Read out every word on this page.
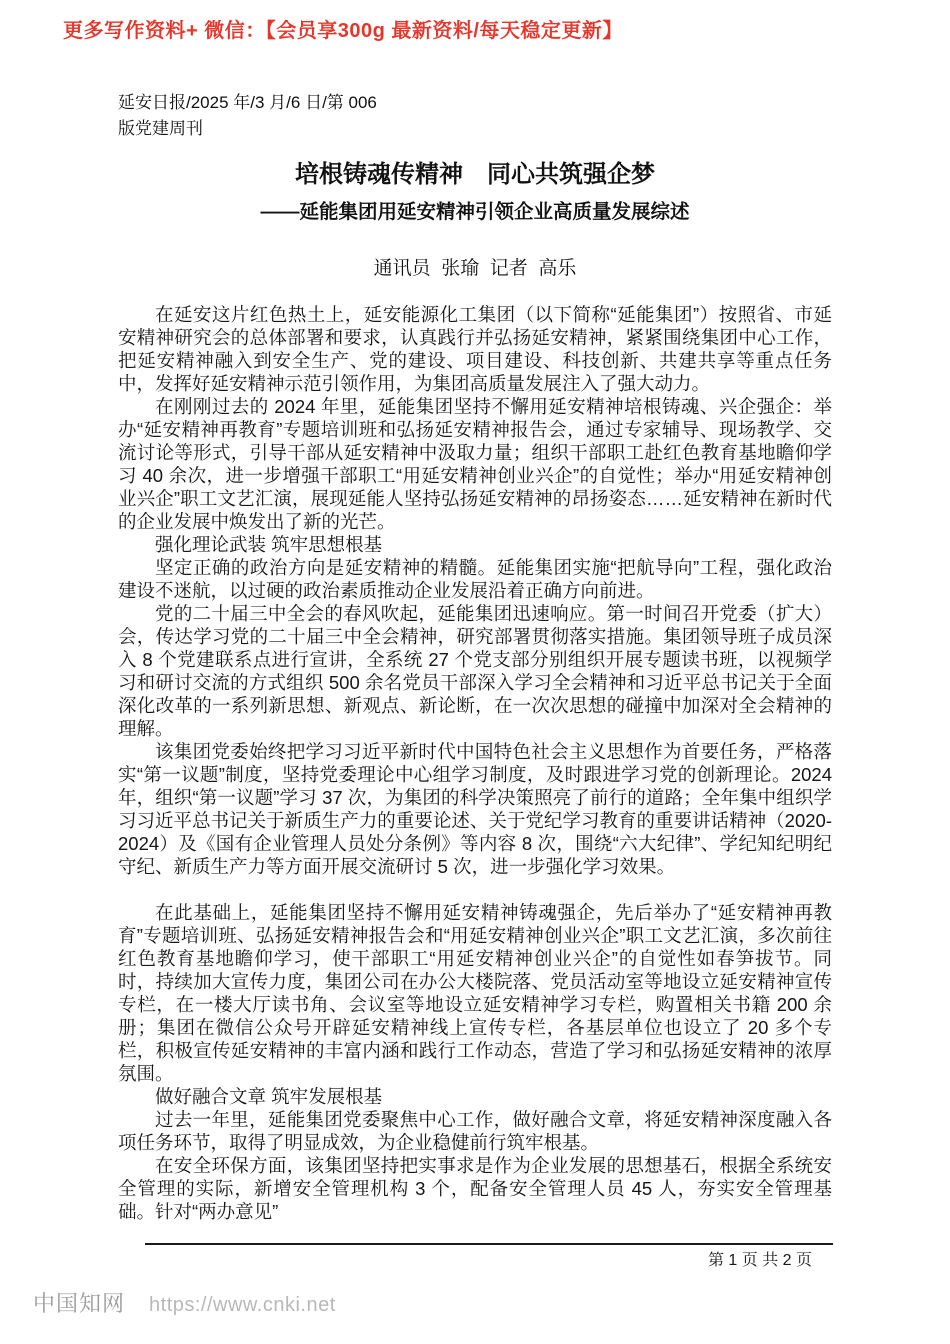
更多写作资料+ 微信：【会员享300g 最新资料/每天稳定更新】
延安日报/2025 年/3 月/6 日/第 006
版党建周刊
培根铸魂传精神　同心共筑强企梦
——延能集团用延安精神引领企业高质量发展综述
通讯员  张瑜  记者  高乐

在延安这片红色热土上，延安能源化工集团（以下简称“延能集团”）按照省、市延安精神研究会的总体部署和要求，认真践行并弘扬延安精神，紧紧围绕集团中心工作，把延安精神融入到安全生产、党的建设、项目建设、科技创新、共建共享等重点任务中，发挥好延安精神示范引领作用，为集团高质量发展注入了强大动力。

在刚刚过去的 2024 年里，延能集团坚持不懈用延安精神培根铸魂、兴企强企：举办“延安精神再教育”专题培训班和弘扬延安精神报告会，通过专家辅导、现场教学、交流讨论等形式，引导干部从延安精神中汲取力量；组织干部职工赴红色教育基地瞻仰学习 40 余次，进一步增强干部职工“用延安精神创业兴企”的自觉性；举办“用延安精神创业兴企”职工文艺汇演，展现延能人坚持弘扬延安精神的昂扬姿态……延安精神在新时代的企业发展中焕发出了新的光芒。

强化理论武装 筑牢思想根基

坚定正确的政治方向是延安精神的精髓。延能集团实施“把航导向”工程，强化政治建设不迷航，以过硬的政治素质推动企业发展沿着正确方向前进。

党的二十届三中全会的春风吹起，延能集团迅速响应。第一时间召开党委（扩大）会，传达学习党的二十届三中全会精神，研究部署贯彻落实措施。集团领导班子成员深入 8 个党建联系点进行宣讲，全系统 27 个党支部分别组织开展专题读书班，以视频学习和研讨交流的方式组织 500 余名党员干部深入学习全会精神和习近平总书记关于全面深化改革的一系列新思想、新观点、新论断，在一次次思想的碰撞中加深对全会精神的理解。

该集团党委始终把学习习近平新时代中国特色社会主义思想作为首要任务，严格落实“第一议题”制度，坚持党委理论中心组学习制度，及时跟进学习党的创新理论。2024 年，组织“第一议题”学习 37 次，为集团的科学决策照亮了前行的道路；全年集中组织学习习近平总书记关于新质生产力的重要论述、关于党纪学习教育的重要讲话精神（2020-2024）及《国有企业管理人员处分条例》等内容 8 次，围绕“六大纪律”、学纪知纪明纪守纪、新质生产力等方面开展交流研讨 5 次，进一步强化学习效果。

在此基础上，延能集团坚持不懈用延安精神铸魂强企，先后举办了“延安精神再教育”专题培训班、弘扬延安精神报告会和“用延安精神创业兴企”职工文艺汇演，多次前往红色教育基地瞻仰学习，使干部职工“用延安精神创业兴企”的自觉性如春笋拔节。同时，持续加大宣传力度，集团公司在办公大楼院落、党员活动室等地设立延安精神宣传专栏，在一楼大厅读书角、会议室等地设立延安精神学习专栏，购置相关书籍 200 余册；集团在微信公众号开辟延安精神线上宣传专栏，各基层单位也设立了 20 多个专栏，积极宣传延安精神的丰富内涵和践行工作动态，营造了学习和弘扬延安精神的浓厚氛围。

做好融合文章 筑牢发展根基

过去一年里，延能集团党委聚焦中心工作，做好融合文章，将延安精神深度融入各项任务环节，取得了明显成效，为企业稳健前行筑牢根基。

在安全环保方面，该集团坚持把实事求是作为企业发展的思想基石，根据全系统安全管理的实际，新增安全管理机构 3 个，配备安全管理人员 45 人，夯实安全管理基础。针对“两办意见”

第 1 页 共 2 页
中国知网 https://www.cnki.net
